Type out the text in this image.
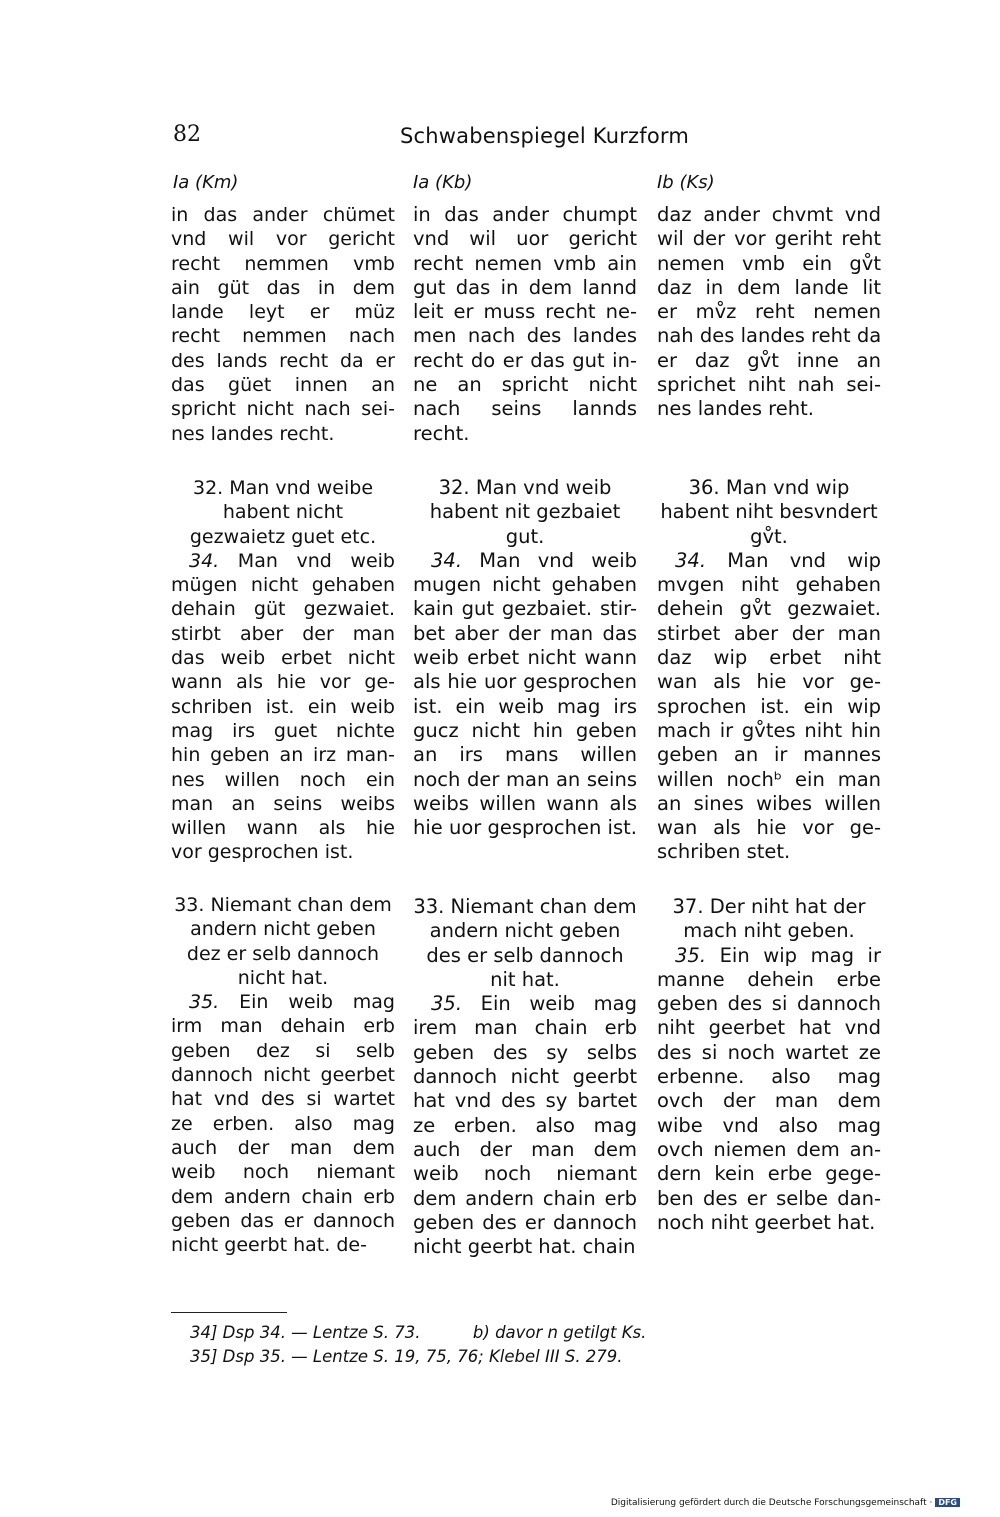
82	Schwabenspiegel Kurzform
Ia (Km)	Ia (Kb)	Ib (Ks)
in das ander chümet
vnd wil vor gericht
recht nemmen vmb
ain güt das in dem
lande leyt er müz
recht nemmen nach
des lands recht da er
das güet innen an
spricht nicht nach sei-
nes landes recht.
32. Man vnd weibe
habent nicht
gezwaietz guet etc.
34. Man vnd weib
mügen nicht gehaben
dehain güt gezwaiet.
stirbt aber der man
das weib erbet nicht
wann als hie vor ge-
schriben ist. ein weib
mag irs guet nichte
hin geben an irz man-
nes willen noch ein
man an seins weibs
willen wann als hie
vor gesprochen ist.
33. Niemant chan dem
andern nicht geben
dez er selb dannoch
nicht hat.
35. Ein weib mag
irm man dehain erb
geben dez si selb
dannoch nicht geerbet
hat vnd des si wartet
ze erben. also mag
auch der man dem
weib noch niemant
dem andern chain erb
geben das er dannoch
nicht geerbt hat. de-
in das ander chumpt
vnd wil uor gericht
recht nemen vmb ain
gut das in dem lannd
leit er muss recht ne-
men nach des landes
recht do er das gut in-
ne an spricht nicht
nach seins lannds
recht.
32. Man vnd weib
habent nit gezbaiet
gut.
34. Man vnd weib
mugen nicht gehaben
kain gut gezbaiet. stir-
bet aber der man das
weib erbet nicht wann
als hie uor gesprochen
ist. ein weib mag irs
gucz nicht hin geben
an irs mans willen
noch der man an seins
weibs willen wann als
hie uor gesprochen ist.
33. Niemant chan dem
andern nicht geben
des er selb dannoch
nit hat.
35. Ein weib mag
irem man chain erb
geben des sy selbs
dannoch nicht geerbt
hat vnd des sy bartet
ze erben. also mag
auch der man dem
weib noch niemant
dem andern chain erb
geben des er dannoch
nicht geerbt hat. chain
daz ander chvmt vnd
wil der vor geriht reht
nemen vmb ein gv̊t
daz in dem lande lit
er mv̊z reht nemen
nah des landes reht da
er daz gv̊t inne an
sprichet niht nah sei-
nes landes reht.
36. Man vnd wip
habent niht besvndert
gv̊t.
34. Man vnd wip
mvgen niht gehaben
dehein gv̊t gezwaiet.
stirbet aber der man
daz wip erbet niht
wan als hie vor ge-
sprochen ist. ein wip
mach ir gv̊tes niht hin
geben an ir mannes
willen nochᵇ ein man
an sines wibes willen
wan als hie vor ge-
schriben stet.
37. Der niht hat der
mach niht geben.
35. Ein wip mag ir
manne dehein erbe
geben des si dannoch
niht geerbet hat vnd
des si noch wartet ze
erbenne. also mag
ovch der man dem
wibe vnd also mag
ovch niemen dem an-
dern kein erbe gege-
ben des er selbe dan-
noch niht geerbet hat.
34] Dsp 34. — Lentze S. 73.          b) davor n getilgt Ks.
35] Dsp 35. — Lentze S. 19, 75, 76; Klebel III S. 279.
Digitalisierung gefördert durch die Deutsche Forschungsgemeinschaft · DFG
